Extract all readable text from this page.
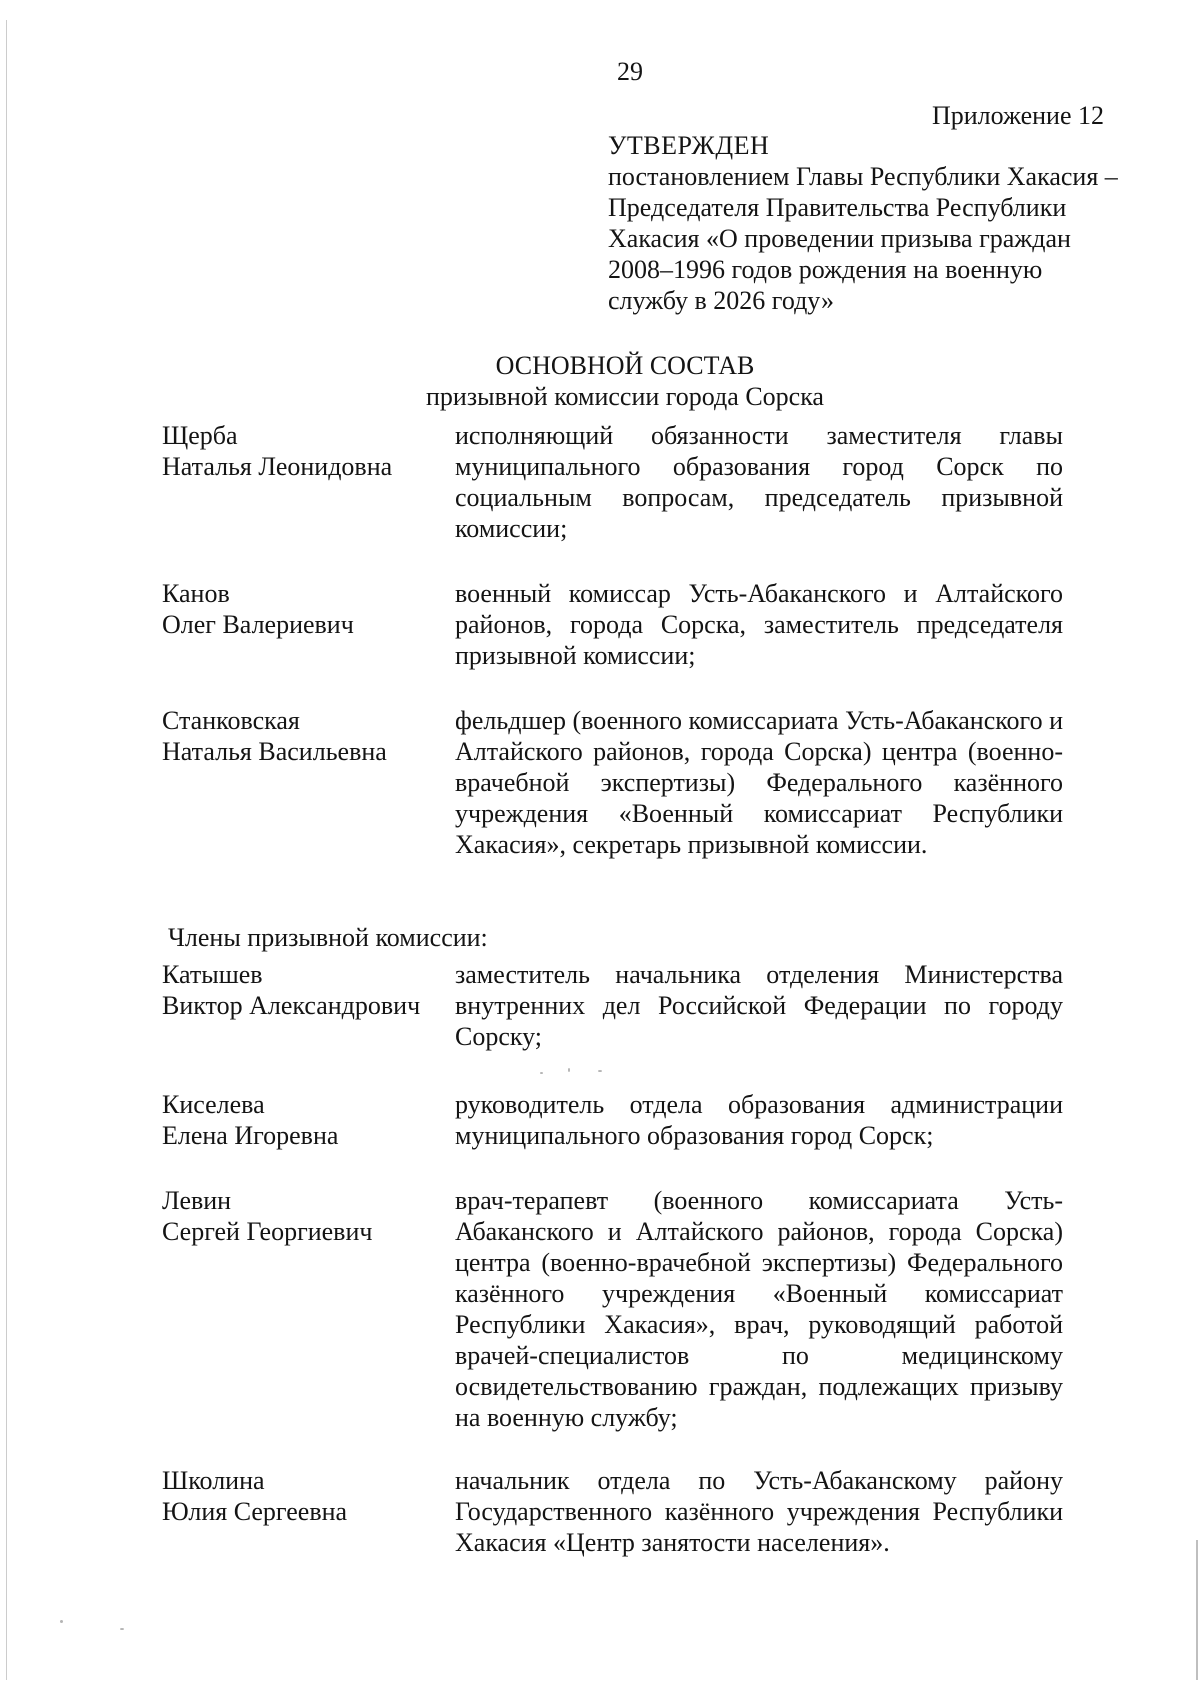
29
Приложение 12
УТВЕРЖДЕН
постановлением Главы Республики Хакасия – Председателя Правительства Республики Хакасия «О проведении призыва граждан 2008–1996 годов рождения на военную службу в 2026 году»
ОСНОВНОЙ СОСТАВ
призывной комиссии города Сорска
Щерба
Наталья Леонидовна
исполняющий обязанности заместителя главы муниципального образования город Сорск по социальным вопросам, председатель призывной комиссии;
Канов
Олег Валериевич
военный комиссар Усть-Абаканского и Алтайского районов, города Сорска, заместитель председателя призывной комиссии;
Станковская
Наталья Васильевна
фельдшер (военного комиссариата Усть-Абаканского и Алтайского районов, города Сорска) центра (военно-врачебной экспертизы) Федерального казённого учреждения «Военный комиссариат Республики Хакасия», секретарь призывной комиссии.
Члены призывной комиссии:
Катышев
Виктор Александрович
заместитель начальника отделения Министерства внутренних дел Российской Федерации по городу Сорску;
Киселева
Елена Игоревна
руководитель отдела образования администрации муниципального образования город Сорск;
Левин
Сергей Георгиевич
врач-терапевт (военного комиссариата Усть-Абаканского и Алтайского районов, города Сорска) центра (военно-врачебной экспертизы) Федерального казённого учреждения «Военный комиссариат Республики Хакасия», врач, руководящий работой врачей-специалистов по медицинскому освидетельствованию граждан, подлежащих призыву на военную службу;
Школина
Юлия Сергеевна
начальник отдела по Усть-Абаканскому району Государственного казённого учреждения Республики Хакасия «Центр занятости населения».
